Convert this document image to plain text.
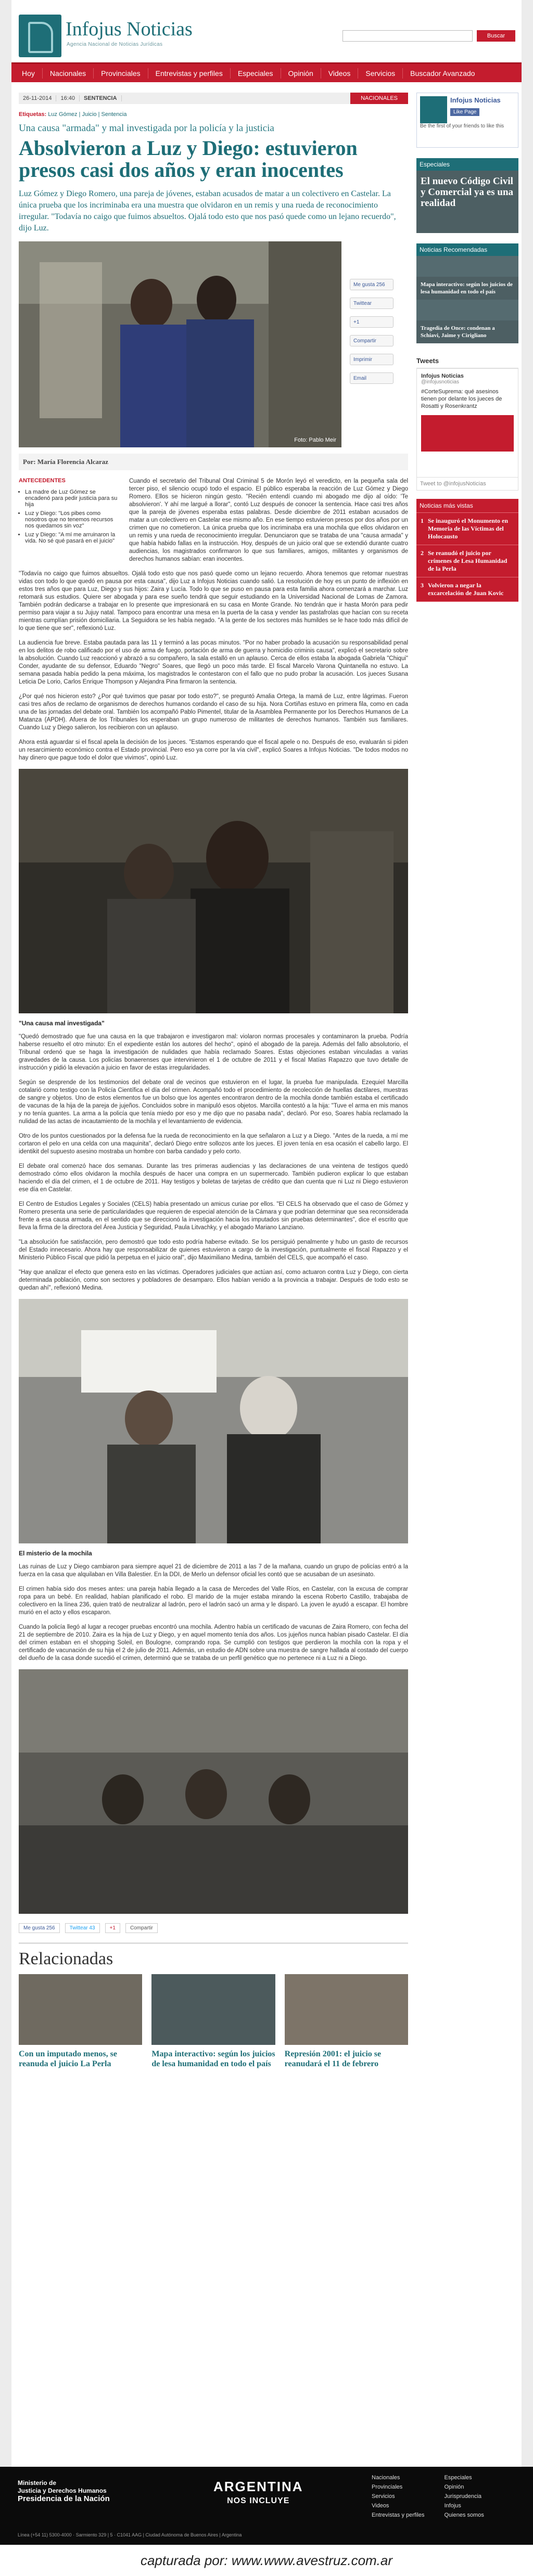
Infojus Noticias
Agencia Nacional de Noticias Jurídicas
Buscar
Hoy	Nacionales	Provinciales	Entrevistas y perfiles	Especiales	Opinión	Videos	Servicios	Buscador Avanzado
26-11-2014	16:40	SENTENCIA	NACIONALES
Etiquetas: Luz Gómez | Juicio | Sentencia
Una causa "armada" y mal investigada por la policía y la justicia
Absolvieron a Luz y Diego: estuvieron presos casi dos años y eran inocentes
Luz Gómez y Diego Romero, una pareja de jóvenes, estaban acusados de matar a un colectivero en Castelar. La única prueba que los incriminaba era una muestra que olvidaron en un remis y una rueda de reconocimiento irregular. "Todavía no caigo que fuimos absueltos. Ojalá todo esto que nos pasó quede como un lejano recuerdo", dijo Luz.
Foto: Pablo Meir
Me gusta 256
Twittear
+1
Compartir
Imprimir
Email
Por: María Florencia Alcaraz
ANTECEDENTES
• La madre de Luz Gómez se encadenó para pedir justicia para su hija
• Luz y Diego: "Los pibes como nosotros que no tenemos recursos nos quedamos sin voz"
• Luz y Diego: "A mí me arruinaron la vida. No sé qué pasará en el juicio"

Cuando el secretario del Tribunal Oral Criminal 5 de Morón leyó el veredicto, en la pequeña sala del tercer piso, el silencio ocupó todo el espacio. El público esperaba la reacción de Luz Gómez y Diego Romero. Ellos se hicieron ningún gesto. "Recién entendí cuando mi abogado me dijo al oído: 'Te absolvieron'. Y ahí me largué a llorar", contó Luz después de conocer la sentencia. Hace casi tres años que la pareja de jóvenes esperaba estas palabras. Desde diciembre de 2011 estaban acusados de matar a un colectivero en Castelar ese mismo año. En ese tiempo estuvieron presos por dos años por un crimen que no cometieron. La única prueba que los incriminaba era una mochila que ellos olvidaron en un remis y una rueda de reconocimiento irregular. Denunciaron que se trataba de una "causa armada" y que había habido fallas en la instrucción. Hoy, después de un juicio oral que se extendió durante cuatro audiencias, los magistrados confirmaron lo que sus familiares, amigos, militantes y organismos de derechos humanos sabían: eran inocentes.

"Todavía no caigo que fuimos absueltos. Ojalá todo esto que nos pasó quede como un lejano recuerdo. Ahora tenemos que retomar nuestras vidas con todo lo que quedó en pausa por esta causa", dijo Luz a Infojus Noticias cuando salió. La resolución de hoy es un punto de inflexión en estos tres años que para Luz, Diego y sus hijos: Zaira y Lucía. Todo lo que se puso en pausa para esta familia ahora comenzará a marchar. Luz retomará sus estudios. Quiere ser abogada y para ese sueño tendrá que seguir estudiando en la Universidad Nacional de Lomas de Zamora. También podrán dedicarse a trabajar en lo presente que impresionará en su casa en Monte Grande. No tendrán que ir hasta Morón para pedir permiso para viajar a su Jujuy natal. Tampoco para encontrar una mesa en la puerta de la casa y vender las pastafrolas que hacían con su receta mientras cumplían prisión domiciliaria. La Seguidora se les había negado. "A la gente de los sectores más humildes se le hace todo más difícil de lo que tiene que ser", reflexionó Luz.

La audiencia fue breve. Estaba pautada para las 11 y terminó a las pocas minutos. "Por no haber probado la acusación su responsabilidad penal en los delitos de robo calificado por el uso de arma de fuego, portación de arma de guerra y homicidio criminis causa", explicó el secretario sobre la absolución. Cuando Luz reaccionó y abrazó a su compañero, la sala estalló en un aplauso. Cerca de ellos estaba la abogada Gabriela "Chiqui" Conder, ayudante de su defensor, Eduardo "Negro" Soares, que llegó un poco más tarde. El fiscal Marcelo Varona Quintanella no estuvo. La semana pasada había pedido la pena máxima, los magistrados le contestaron con el fallo que no pudo probar la acusación. Los jueces Susana Leticia De Lorio, Carlos Enrique Thompson y Alejandra Pina firmaron la sentencia.

¿Por qué nos hicieron esto? ¿Por qué tuvimos que pasar por todo esto?", se preguntó Amalia Ortega, la mamá de Luz, entre lágrimas. Fueron casi tres años de reclamo de organismos de derechos humanos cordando el caso de su hija. Nora Cortiñas estuvo en primera fila, como en cada una de las jornadas del debate oral. También los acompañó Pablo Pimentel, titular de la Asamblea Permanente por los Derechos Humanos de La Matanza (APDH). Afuera de los Tribunales los esperaban un grupo numeroso de militantes de derechos humanos. También sus familiares. Cuando Luz y Diego salieron, los recibieron con un aplauso.

Ahora está aguardar si el fiscal apela la decisión de los jueces. "Estamos esperando que el fiscal apele o no. Después de eso, evaluarán si piden un resarcimiento económico contra el Estado provincial. Pero eso ya corre por la vía civil", explicó Soares a Infojus Noticias. "De todos modos no hay dinero que pague todo el dolor que vivimos", opinó Luz.

"Una causa mal investigada"

"Quedó demostrado que fue una causa en la que trabajaron e investigaron mal: violaron normas procesales y contaminaron la prueba. Podría haberse resuelto el otro minuto: En el expediente están los autores del hecho", opinó el abogado de la pareja. Además del fallo absolutorio, el Tribunal ordenó que se haga la investigación de nulidades que había reclamado Soares. Estas objeciones estaban vinculadas a varias gravedades de la causa. Los policías bonaerenses que intervinieron el 1 de octubre de 2011 y el fiscal Matías Rapazzo que tuvo detalle de instrucción y pidió la elevación a juicio en favor de estas irregularidades.

Según se desprende de los testimonios del debate oral de vecinos que estuvieron en el lugar, la prueba fue manipulada. Ezequiel Marcilla cotalarió como testigo con la Policía Científica el día del crimen. Acompañó todo el procedimiento de recolección de huellas dactilares, muestras de sangre y objetos. Uno de estos elementos fue un bolso que los agentes encontraron dentro de la mochila donde también estaba el certificado de vacunas de la hija de la pareja de jujeños. Concluidos sobre in manipuló esos objetos. Marcilla contestó a la hija: "Tuve el arma en mis manos y no tenía guantes. La arma a la policía que tenía miedo por eso y me dijo que no pasaba nada", declaró. Por eso, Soares había reclamado la nulidad de las actas de incautamiento de la mochila y el levantamiento de evidencia.

Otro de los puntos cuestionados por la defensa fue la rueda de reconocimiento en la que señalaron a Luz y a Diego. "Antes de la rueda, a mí me cortaron el pelo en una celda con una maquinita", declaró Diego entre sollozos ante los jueces. El joven tenía en esa ocasión el cabello largo. El identikit del supuesto asesino mostraba un hombre con barba candado y pelo corto.

El debate oral comenzó hace dos semanas. Durante las tres primeras audiencias y las declaraciones de una veintena de testigos quedó demostrado cómo ellos olvidaron la mochila después de hacer una compra en un supermercado. También pudieron explicar lo que estaban haciendo el día del crimen, el 1 de octubre de 2011. Hay testigos y boletas de tarjetas de crédito que dan cuenta que ni Luz ni Diego estuvieron ese día en Castelar.

El Centro de Estudios Legales y Sociales (CELS) había presentado un amicus curiae por ellos. "El CELS ha observado que el caso de Gómez y Romero presenta una serie de particularidades que requieren de especial atención de la Cámara y que podrían determinar que sea reconsiderada frente a esa causa armada, en el sentido que se direccionó la investigación hacia los imputados sin pruebas determinantes", dice el escrito que lleva la firma de la directora del Área Justicia y Seguridad, Paula Litvachky, y el abogado Mariano Lanziano.

"La absolución fue satisfacción, pero demostró que todo esto podría haberse evitado. Se los persiguió penalmente y hubo un gasto de recursos del Estado innecesario. Ahora hay que responsabilizar de quienes estuvieron a cargo de la investigación, puntualmente el fiscal Rapazzo y el Ministerio Público Fiscal que pidió la perpetua en el juicio oral", dijo Maximiliano Medina, también del CELS, que acompañó el caso.

"Hay que analizar el efecto que genera esto en las víctimas. Operadores judiciales que actúan así, como actuaron contra Luz y Diego, con cierta determinada población, como son sectores y pobladores de desamparo. Ellos habían venido a la provincia a trabajar. Después de todo esto se quedan ahí", reflexionó Medina.

El misterio de la mochila

Las ruinas de Luz y Diego cambiaron para siempre aquel 21 de diciembre de 2011 a las 7 de la mañana, cuando un grupo de policías entró a la fuerza en la casa que alquilaban en Villa Balestier. En la DDI, de Merlo un defensor oficial les contó que se acusaban de un asesinato.

El crimen había sido dos meses antes: una pareja había llegado a la casa de Mercedes del Valle Ríos, en Castelar, con la excusa de comprar ropa para un bebé. En realidad, habían planificado el robo. El marido de la mujer estaba mirando la escena Roberto Castillo, trabajaba de colectivero en la línea 236, quien trató de neutralizar al ladrón, pero el ladrón sacó un arma y le disparó. La joven le ayudó a escapar. El hombre murió en el acto y ellos escaparon.

Cuando la policía llegó al lugar a recoger pruebas encontró una mochila. Adentro había un certificado de vacunas de Zaira Romero, con fecha del 21 de septiembre de 2010. Zaira es la hija de Luz y Diego, y en aquel momento tenía dos años. Los jujeños nunca habían pisado Castelar. El día del crimen estaban en el shopping Soleil, en Boulogne, comprando ropa. Se cumplió con testigos que perdieron la mochila con la ropa y el certificado de vacunación de su hija el 2 de julio de 2011. Además, un estudio de ADN sobre una muestra de sangre hallada al costado del cuerpo del dueño de la casa donde sucedió el crimen, determinó que se trataba de un perfil genético que no pertenece ni a Luz ni a Diego.

Me gusta 256	Twittear 43	+1	Compartir
Relacionadas
Con un imputado menos, se reanuda el juicio La Perla
Mapa interactivo: según los juicios de lesa humanidad en todo el país
Represión 2001: el juicio se reanudará el 11 de febrero
Infojus Noticias
Like Page
Be the first of your friends to like this
Especiales
El nuevo Código Civil y Comercial ya es una realidad
Noticias Recomendadas
Mapa interactivo: según los juicios de lesa humanidad en todo el país
Tragedia de Once: condenan a Schiavi, Jaime y Cirigliano
Tweets
Infojus Noticias
@infojusnoticias
#CorteSuprema: qué asesinos tienen por delante los jueces de Rosatti y Rosenkrantz
Tweet to @infojusNoticias
Noticias más vistas
1 Se inauguró el Monumento en Memoria de las Víctimas del Holocausto
2 Se reanudó el juicio por crímenes de Lesa Humanidad de la Perla
3 Volvieron a negar la excarcelación de Juan Kovic
Ministerio de
Justicia y Derechos Humanos
Presidencia de la Nación
ARGENTINA
NOS INCLUYE
Nacionales
Provinciales
Servicios
Videos
Entrevistas y perfiles
Especiales
Opinión
Jurisprudencia
Infojus
Quienes somos
Línea (+54 11) 5300-4000 · Sarmiento 329 | 5 · C1041 AAG | Ciudad Autónoma de Buenos Aires | Argentina
capturada por: www.www.avestruz.com.ar
